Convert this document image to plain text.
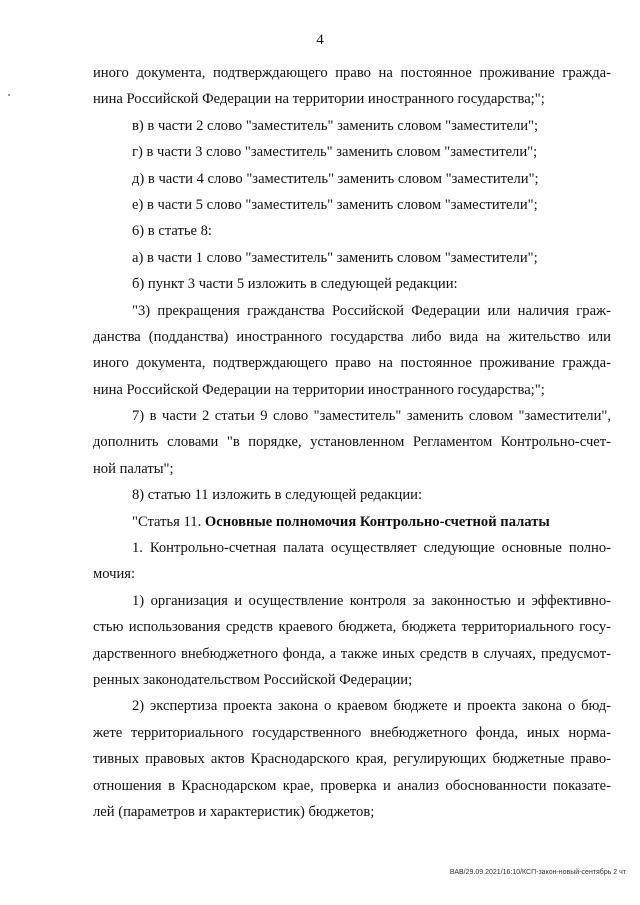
4
иного документа, подтверждающего право на постоянное проживание гражда-
нина Российской Федерации на территории иностранного государства;";
в) в части 2 слово "заместитель" заменить словом "заместители";
г) в части 3 слово "заместитель" заменить словом "заместители";
д) в части 4 слово "заместитель" заменить словом "заместители";
е) в части 5 слово "заместитель" заменить словом "заместители";
6) в статье 8:
а) в части 1 слово "заместитель" заменить словом "заместители";
б) пункт 3 части 5 изложить в следующей редакции:
"3) прекращения гражданства Российской Федерации или наличия граж-
данства (подданства) иностранного государства либо вида на жительство или
иного документа, подтверждающего право на постоянное проживание гражда-
нина Российской Федерации на территории иностранного государства;";
7) в части 2 статьи 9 слово "заместитель" заменить словом "заместители",
дополнить словами "в порядке, установленном Регламентом Контрольно-счет-
ной палаты";
8) статью 11 изложить в следующей редакции:
"Статья 11. Основные полномочия Контрольно-счетной палаты
1. Контрольно-счетная палата осуществляет следующие основные полно-
мочия:
1) организация и осуществление контроля за законностью и эффективно-
стью использования средств краевого бюджета, бюджета территориального госу-
дарственного внебюджетного фонда, а также иных средств в случаях, предусмот-
ренных законодательством Российской Федерации;
2) экспертиза проекта закона о краевом бюджете и проекта закона о бюд-
жете территориального государственного внебюджетного фонда, иных норма-
тивных правовых актов Краснодарского края, регулирующих бюджетные право-
отношения в Краснодарском крае, проверка и анализ обоснованности показате-
лей (параметров и характеристик) бюджетов;
ВАВ/29.09.2021/16:10/КСП-закон-новый-сентябрь 2 чт
